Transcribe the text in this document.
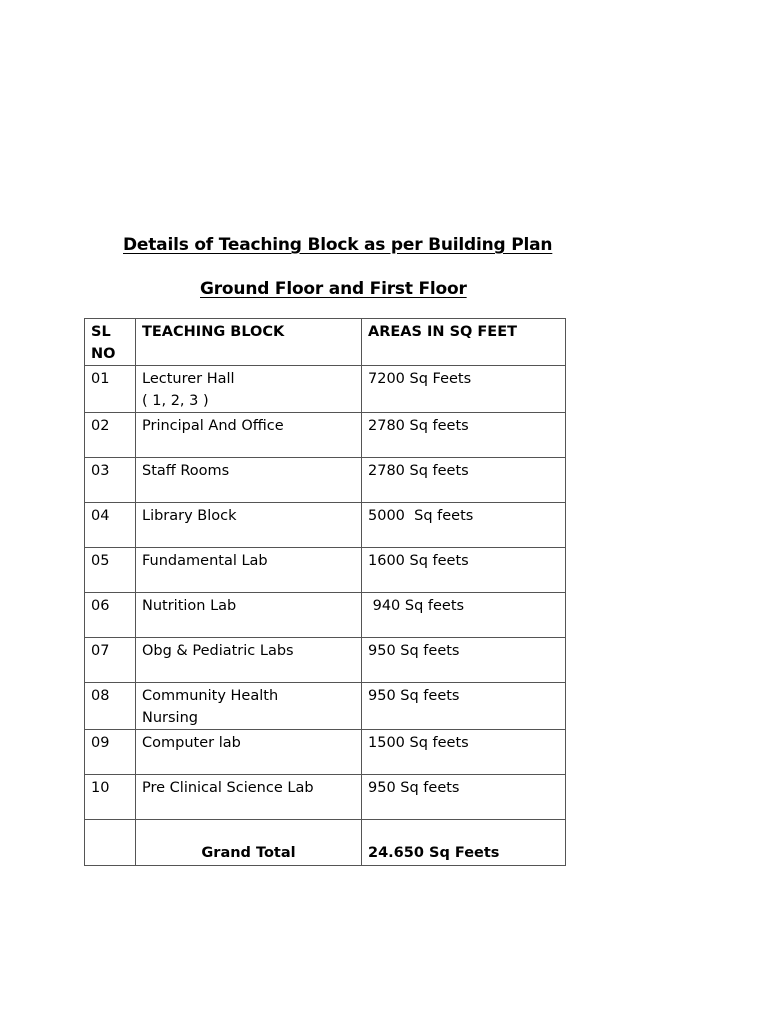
Details of Teaching Block as per Building Plan
Ground Floor and First Floor
SL
NO	TEACHING BLOCK	AREAS IN SQ FEET
01	Lecturer Hall
( 1, 2, 3 )	7200 Sq Feets
02	Principal And Office	2780 Sq feets
03	Staff Rooms	2780 Sq feets
04	Library Block	5000  Sq feets
05	Fundamental Lab	1600 Sq feets
06	Nutrition Lab	940 Sq feets
07	Obg & Pediatric Labs	950 Sq feets
08	Community Health
Nursing	950 Sq feets
09	Computer lab	1500 Sq feets
10	Pre Clinical Science Lab	950 Sq feets
	Grand Total	24.650 Sq Feets
